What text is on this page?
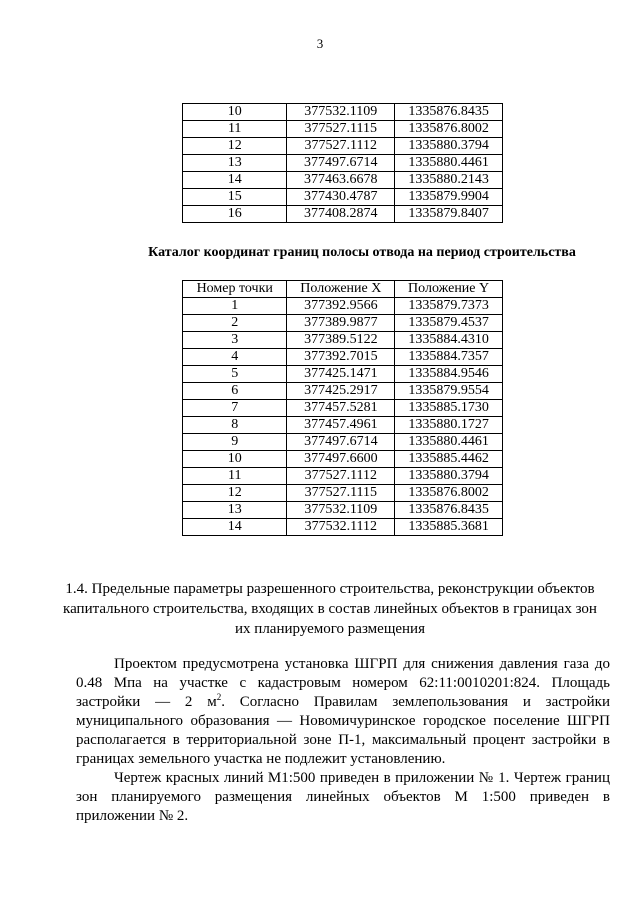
3
10	377532.1109	1335876.8435
11	377527.1115	1335876.8002
12	377527.1112	1335880.3794
13	377497.6714	1335880.4461
14	377463.6678	1335880.2143
15	377430.4787	1335879.9904
16	377408.2874	1335879.8407
Каталог координат границ полосы отвода на период строительства
Номер точки	Положение X	Положение Y
1	377392.9566	1335879.7373
2	377389.9877	1335879.4537
3	377389.5122	1335884.4310
4	377392.7015	1335884.7357
5	377425.1471	1335884.9546
6	377425.2917	1335879.9554
7	377457.5281	1335885.1730
8	377457.4961	1335880.1727
9	377497.6714	1335880.4461
10	377497.6600	1335885.4462
11	377527.1112	1335880.3794
12	377527.1115	1335876.8002
13	377532.1109	1335876.8435
14	377532.1112	1335885.3681
1.4. Предельные параметры разрешенного строительства, реконструкции объектов капитального строительства, входящих в состав линейных объектов в границах зон их планируемого размещения
Проектом предусмотрена установка ШГРП для снижения давления газа до 0.48 Мпа на участке с кадастровым номером 62:11:0010201:824. Площадь застройки — 2 $м^2$. Согласно Правилам землепользования и застройки муниципального образования — Новомичуринское городское поселение ШГРП располагается в территориальной зоне П-1, максимальный процент застройки в границах земельного участка не подлежит установлению.
Чертеж красных линий М1:500 приведен в приложении № 1. Чертеж границ зон планируемого размещения линейных объектов М 1:500 приведен в приложении № 2.
